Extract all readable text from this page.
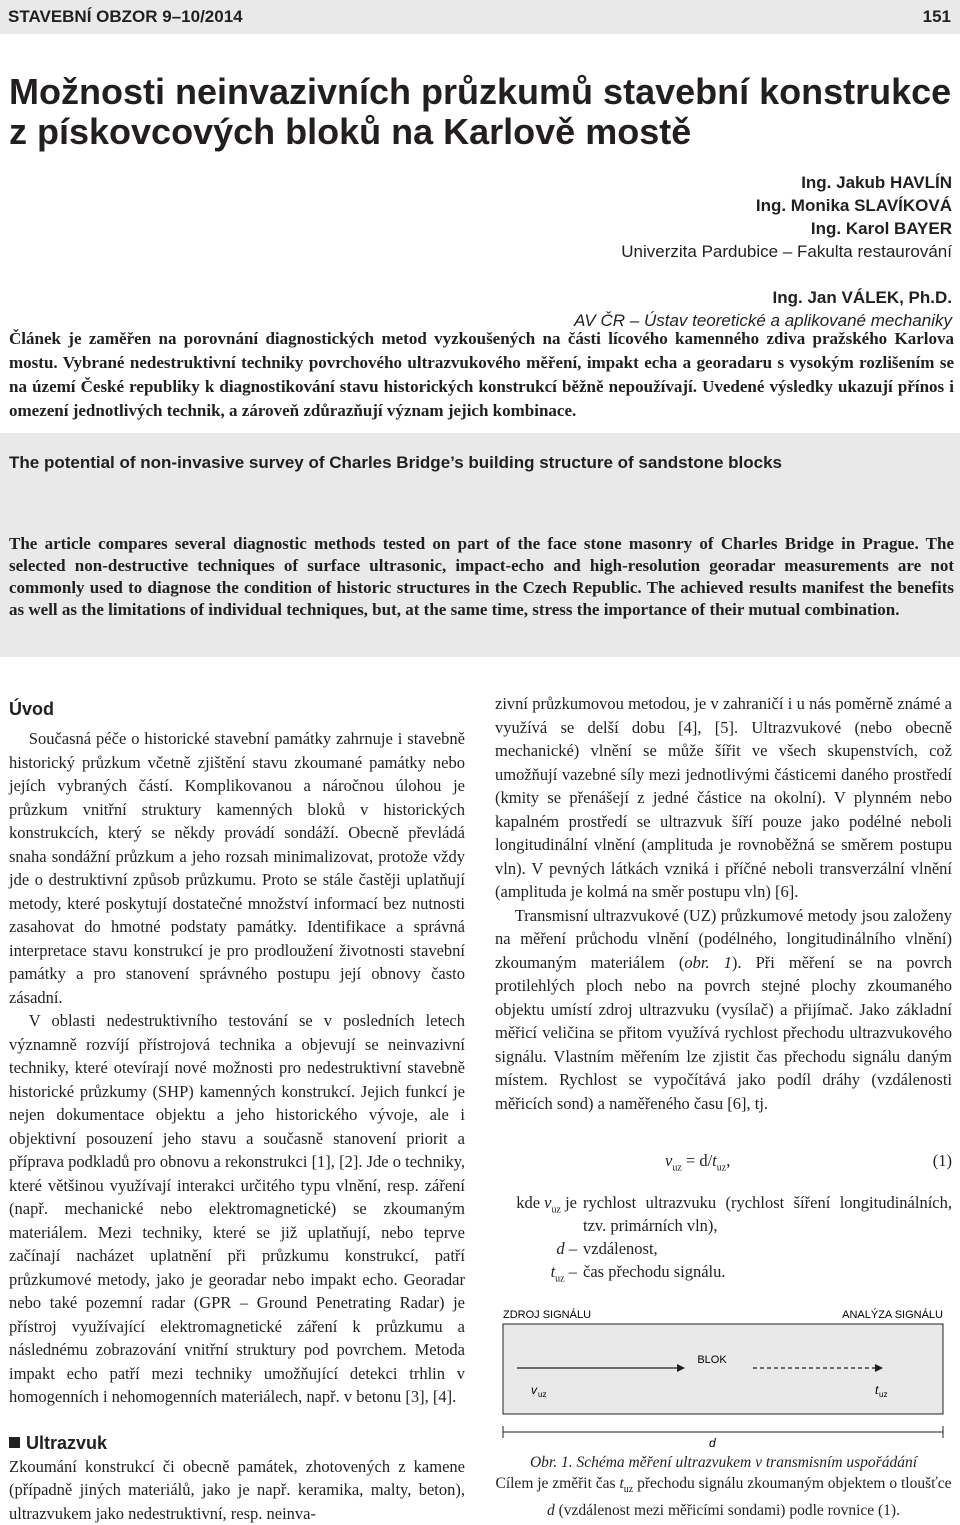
STAVEBNÍ OBZOR 9–10/2014	151
Možnosti neinvazivních průzkumů stavební konstrukce z pískovcových bloků na Karlově mostě
Ing. Jakub HAVLÍN
Ing. Monika SLAVÍKOVÁ
Ing. Karol BAYER
Univerzita Pardubice – Fakulta restaurování
Ing. Jan VÁLEK, Ph.D.
AV ČR – Ústav teoretické a aplikované mechaniky

Článek je zaměřen na porovnání diagnostických metod vyzkoušených na části lícového kamenného zdiva pražského Karlova mostu. Vybrané nedestruktivní techniky povrchového ultrazvukového měření, impakt echa a georadaru s vysokým rozlišením se na území České republiky k diagnostikování stavu historických konstrukcí běžně nepoužívají. Uvedené výsledky ukazují přínos i omezení jednotlivých technik, a zároveň zdůrazňují význam jejich kombinace.

The potential of non-invasive survey of Charles Bridge’s building structure of sandstone blocks

The article compares several diagnostic methods tested on part of the face stone masonry of Charles Bridge in Prague. The selected non-destructive techniques of surface ultrasonic, impact-echo and high-resolution georadar measurements are not commonly used to diagnose the condition of historic structures in the Czech Republic. The achieved results manifest the benefits as well as the limitations of individual techniques, but, at the same time, stress the importance of their mutual combination.

Úvod

Současná péče o historické stavební památky zahrnuje i stavebně historický průzkum včetně zjištění stavu zkoumané památky nebo jejích vybraných částí. Komplikovanou a náročnou úlohou je průzkum vnitřní struktury kamenných bloků v historických konstrukcích, který se někdy provádí sondáží. Obecně převládá snaha sondážní průzkum a jeho rozsah minimalizovat, protože vždy jde o destruktivní způsob průzkumu. Proto se stále častěji uplatňují metody, které poskytují dostatečné množství informací bez nutnosti zasahovat do hmotné podstaty památky. Identifikace a správná interpretace stavu konstrukcí je pro prodloužení životnosti stavební památky a pro stanovení správného postupu její obnovy často zásadní.

V oblasti nedestruktivního testování se v posledních letech významně rozvíjí přístrojová technika a objevují se neinvazivní techniky, které otevírají nové možnosti pro nedestruktivní stavebně historické průzkumy (SHP) kamenných konstrukcí. Jejich funkcí je nejen dokumentace objektu a jeho historického vývoje, ale i objektivní posouzení jeho stavu a současně stanovení priorit a příprava podkladů pro obnovu a rekonstrukci [1], [2]. Jde o techniky, které většinou využívají interakci určitého typu vlnění, resp. záření (např. mechanické nebo elektromagnetické) se zkoumaným materiálem. Mezi techniky, které se již uplatňují, nebo teprve začínají nacházet uplatnění při průzkumu konstrukcí, patří průzkumové metody, jako je georadar nebo impakt echo. Georadar nebo také pozemní radar (GPR – Ground Penetrating Radar) je přístroj využívající elektromagnetické záření k průzkumu a následnému zobrazování vnitřní struktury pod povrchem. Metoda impakt echo patří mezi techniky umožňující detekci trhlin v homogenních i nehomogenních materiálech, např. v betonu [3], [4].

Ultrazvuk

Zkoumání konstrukcí či obecně památek, zhotovených z kamene (případně jiných materiálů, jako je např. keramika, malty, beton), ultrazvukem jako nedestruktivní, resp. neinva-

zivní průzkumovou metodou, je v zahraničí i u nás poměrně známé a využívá se delší dobu [4], [5]. Ultrazvukové (nebo obecně mechanické) vlnění se může šířit ve všech skupenstvích, což umožňují vazebné síly mezi jednotlivými částicemi daného prostředí (kmity se přenášejí z jedné částice na okolní). V plynném nebo kapalném prostředí se ultrazvuk šíří pouze jako podélné neboli longitudinální vlnění (amplituda je rovnoběžná se směrem postupu vln). V pevných látkách vzniká i příčné neboli transverzální vlnění (amplituda je kolmá na směr postupu vln) [6].

Transmisní ultrazvukové (UZ) průzkumové metody jsou založeny na měření průchodu vlnění (podélného, longitudinálního vlnění) zkoumaným materiálem (obr. 1). Při měření se na povrch protilehlých ploch nebo na povrch stejné plochy zkoumaného objektu umístí zdroj ultrazvuku (vysílač) a přijímač. Jako základní měřicí veličina se přitom využívá rychlost přechodu ultrazvukového signálu. Vlastním měřením lze zjistit čas přechodu signálu daným místem. Rychlost se vypočítává jako podíl dráhy (vzdálenosti měřicích sond) a naměřeného času [6], tj.

$v_{uz} = d/t_{uz}$,	(1)
kde $v_{uz}$ je rychlost ultrazvuku (rychlost šíření longitudinálních, tzv. primárních vln),
d – vzdálenost,
$t_{uz}$ – čas přechodu signálu.
ZDROJ SIGNÁLU	ANALÝZA SIGNÁLU
BLOK
v uz	t uz
d
Obr. 1. Schéma měření ultrazvukem v transmisním uspořádání
Cílem je změřit čas $t_{uz}$ přechodu signálu zkoumaným objektem o tloušťce d (vzdálenost mezi měřicími sondami) podle rovnice (1).
